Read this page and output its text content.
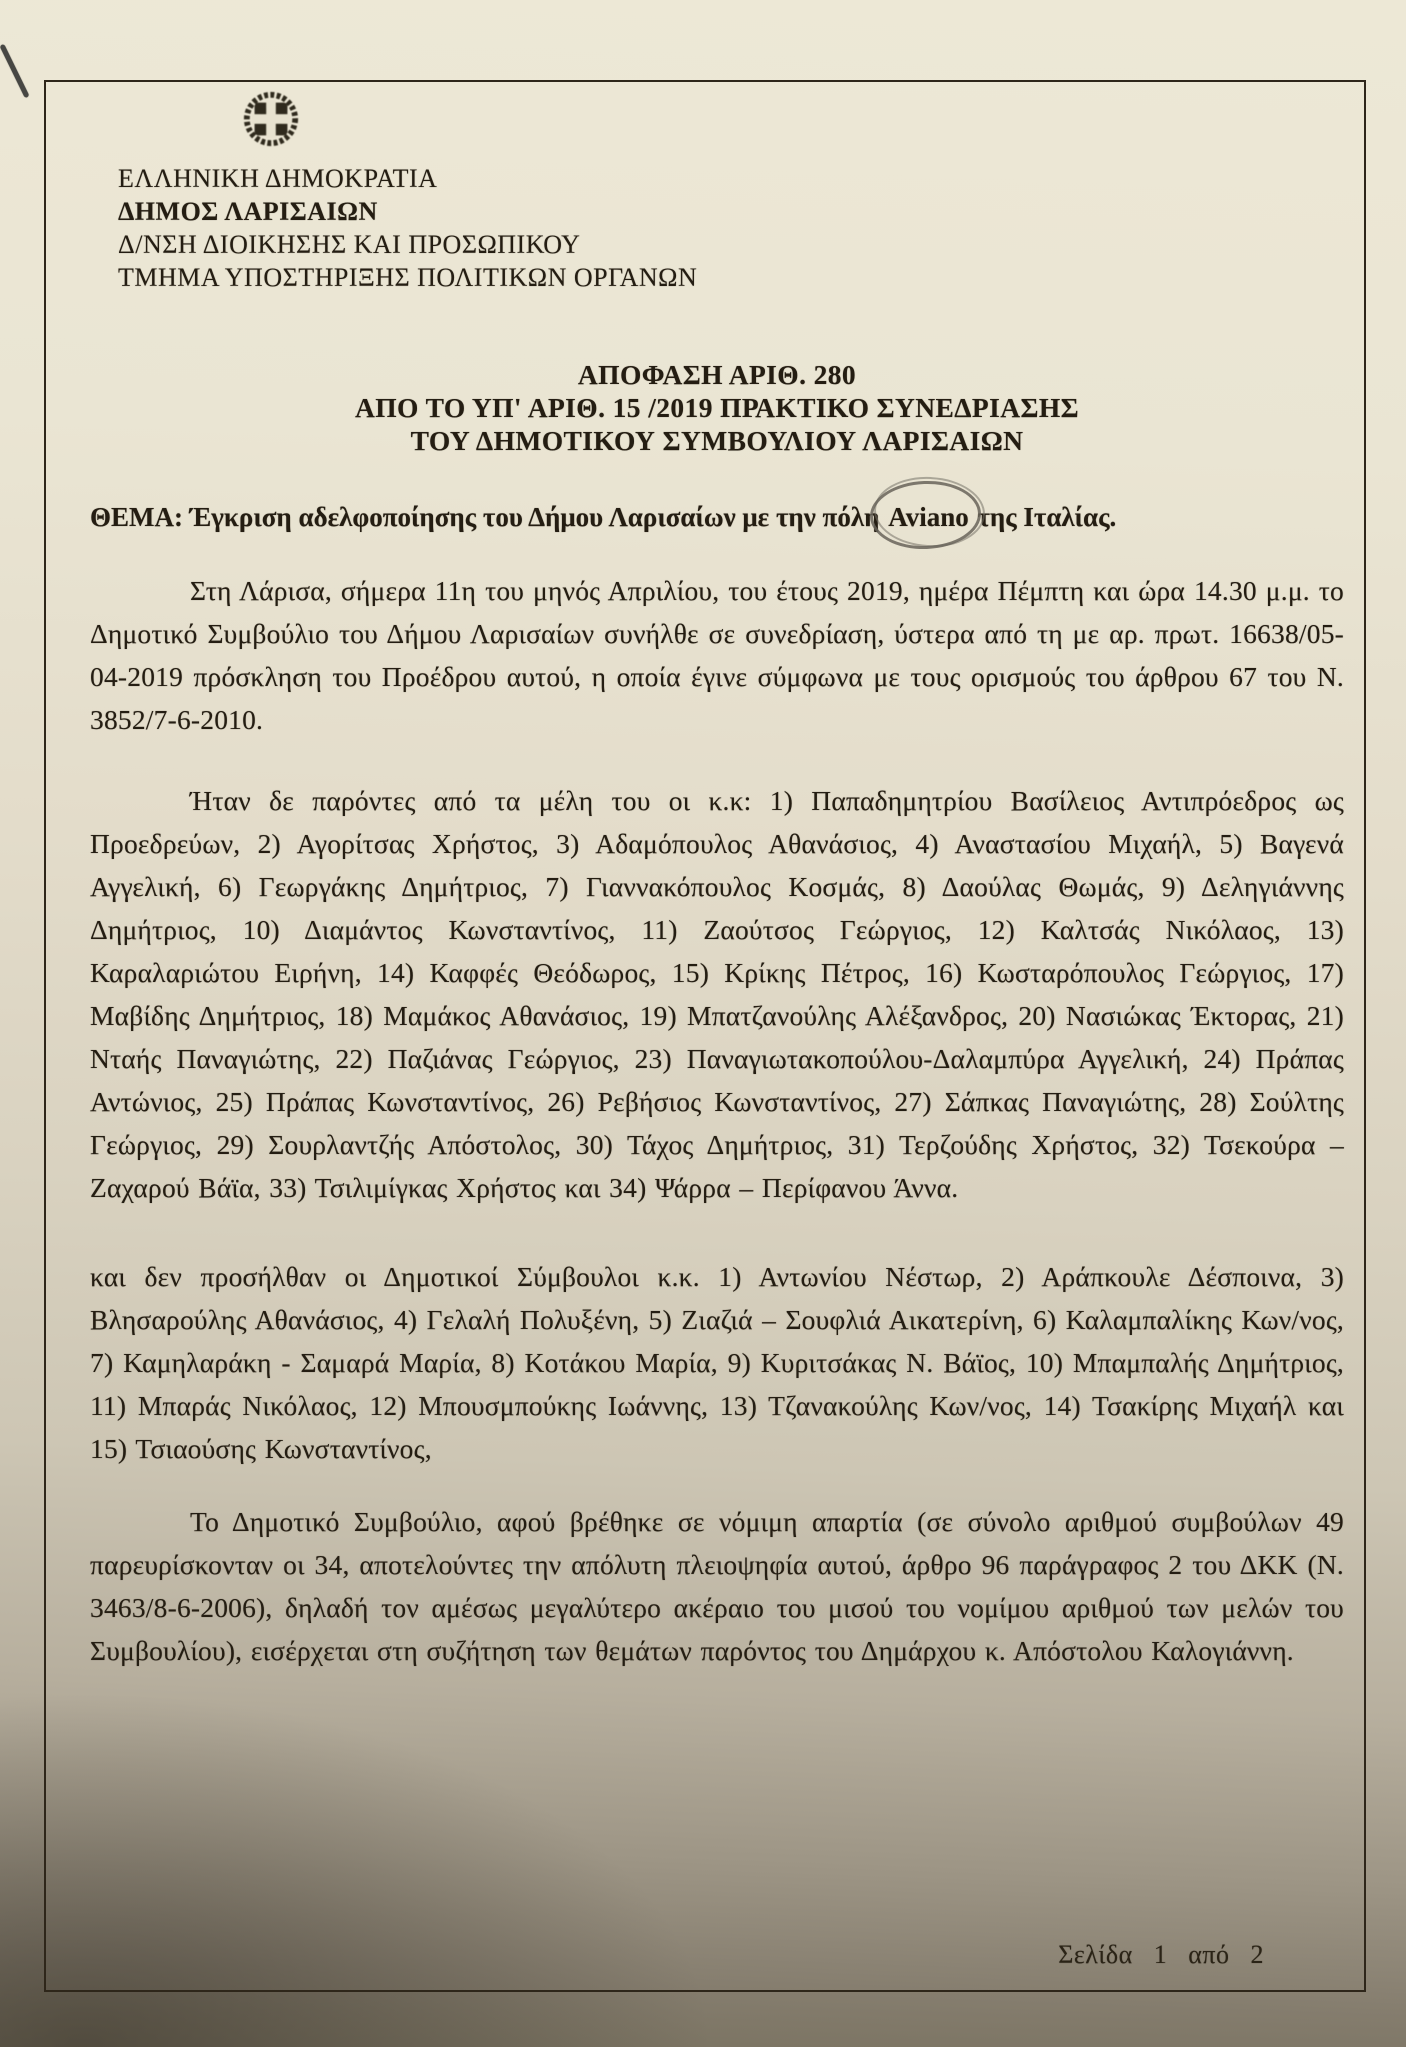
ΕΛΛΗΝΙΚΗ ΔΗΜΟΚΡΑΤΙΑ
ΔΗΜΟΣ ΛΑΡΙΣΑΙΩΝ
Δ/ΝΣΗ ΔΙΟΙΚΗΣΗΣ ΚΑΙ ΠΡΟΣΩΠΙΚΟΥ
ΤΜΗΜΑ ΥΠΟΣΤΗΡΙΞΗΣ ΠΟΛΙΤΙΚΩΝ ΟΡΓΑΝΩΝ
ΑΠΟΦΑΣΗ ΑΡΙΘ. 280
ΑΠΟ ΤΟ ΥΠ' ΑΡΙΘ. 15 /2019 ΠΡΑΚΤΙΚΟ ΣΥΝΕΔΡΙΑΣΗΣ
ΤΟΥ ΔΗΜΟΤΙΚΟΥ ΣΥΜΒΟΥΛΙΟΥ ΛΑΡΙΣΑΙΩΝ

ΘΕΜΑ: Έγκριση αδελφοποίησης του Δήμου Λαρισαίων με την πόλη Aviano της Ιταλίας.

Στη Λάρισα, σήμερα 11η του μηνός Απριλίου, του έτους 2019, ημέρα Πέμπτη και ώρα 14.30 μ.μ. το Δημοτικό Συμβούλιο του Δήμου Λαρισαίων συνήλθε σε συνεδρίαση, ύστερα από τη με αρ. πρωτ. 16638/05-04-2019 πρόσκληση του Προέδρου αυτού, η οποία έγινε σύμφωνα με τους ορισμούς του άρθρου 67 του Ν. 3852/7-6-2010.

Ήταν δε παρόντες από τα μέλη του οι κ.κ: 1) Παπαδημητρίου Βασίλειος Αντιπρόεδρος ως Προεδρεύων, 2) Αγορίτσας Χρήστος, 3) Αδαμόπουλος Αθανάσιος, 4) Αναστασίου Μιχαήλ, 5) Βαγενά Αγγελική, 6) Γεωργάκης Δημήτριος, 7) Γιαννακόπουλος Κοσμάς, 8) Δαούλας Θωμάς, 9) Δεληγιάννης Δημήτριος, 10) Διαμάντος Κωνσταντίνος, 11) Ζαούτσος Γεώργιος, 12) Καλτσάς Νικόλαος, 13) Καραλαριώτου Ειρήνη, 14) Καφφές Θεόδωρος, 15) Κρίκης Πέτρος, 16) Κωσταρόπουλος Γεώργιος, 17) Μαβίδης Δημήτριος, 18) Μαμάκος Αθανάσιος, 19) Μπατζανούλης Αλέξανδρος, 20) Νασιώκας Έκτορας, 21) Νταής Παναγιώτης, 22) Παζιάνας Γεώργιος, 23) Παναγιωτακοπούλου-Δαλαμπύρα Αγγελική, 24) Πράπας Αντώνιος, 25) Πράπας Κωνσταντίνος, 26) Ρεβήσιος Κωνσταντίνος, 27) Σάπκας Παναγιώτης, 28) Σούλτης Γεώργιος, 29) Σουρλαντζής Απόστολος, 30) Τάχος Δημήτριος, 31) Τερζούδης Χρήστος, 32) Τσεκούρα – Ζαχαρού Βάϊα, 33) Τσιλιμίγκας Χρήστος και 34) Ψάρρα – Περίφανου Άννα.

και δεν προσήλθαν οι Δημοτικοί Σύμβουλοι κ.κ. 1) Αντωνίου Νέστωρ, 2) Αράπκουλε Δέσποινα, 3) Βλησαρούλης Αθανάσιος, 4) Γελαλή Πολυξένη, 5) Ζιαζιά – Σουφλιά Αικατερίνη, 6) Καλαμπαλίκης Κων/νος, 7) Καμηλαράκη - Σαμαρά Μαρία, 8) Κοτάκου Μαρία, 9) Κυριτσάκας Ν. Βάϊος, 10) Μπαμπαλής Δημήτριος, 11) Μπαράς Νικόλαος, 12) Μπουσμπούκης Ιωάννης, 13) Τζανακούλης Κων/νος, 14) Τσακίρης Μιχαήλ και 15) Τσιαούσης Κωνσταντίνος,

Το Δημοτικό Συμβούλιο, αφού βρέθηκε σε νόμιμη απαρτία (σε σύνολο αριθμού συμβούλων 49 παρευρίσκονταν οι 34, αποτελούντες την απόλυτη πλειοψηφία αυτού, άρθρο 96 παράγραφος 2 του ΔΚΚ (Ν. 3463/8-6-2006), δηλαδή τον αμέσως μεγαλύτερο ακέραιο του μισού του νομίμου αριθμού των μελών του Συμβουλίου), εισέρχεται στη συζήτηση των θεμάτων παρόντος του Δημάρχου κ. Απόστολου Καλογιάννη.

Σελίδα 1 από 2
